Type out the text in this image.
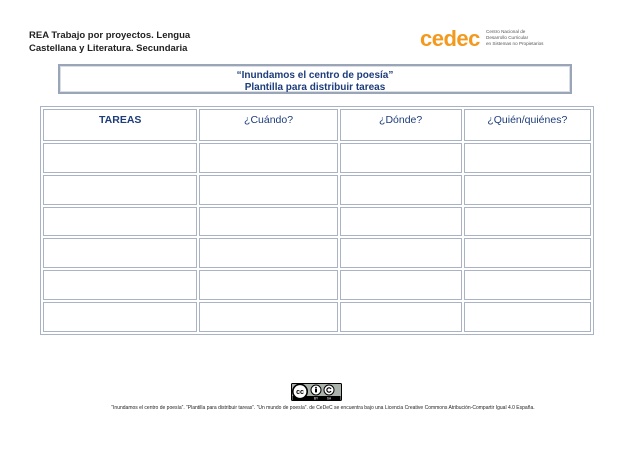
REA Trabajo por proyectos. Lengua
Castellana y Literatura. Secundaria	cedec Centro Nacional de
Desarrollo Curricular
en Sistemas no Propietarios
“Inundamos el centro de poesía”
Plantilla para distribuir tareas
TAREAS	¿Cuándo?	¿Dónde?	¿Quién/quiénes?

cc
BY	SA
“Inundamos el centro de poesía”. “Plantilla para distribuir tareas”. “Un mundo de poesía”. de CeDeC se encuentra bajo una Licencia Creative Commons Atribución-Compartir Igual 4.0 España.
